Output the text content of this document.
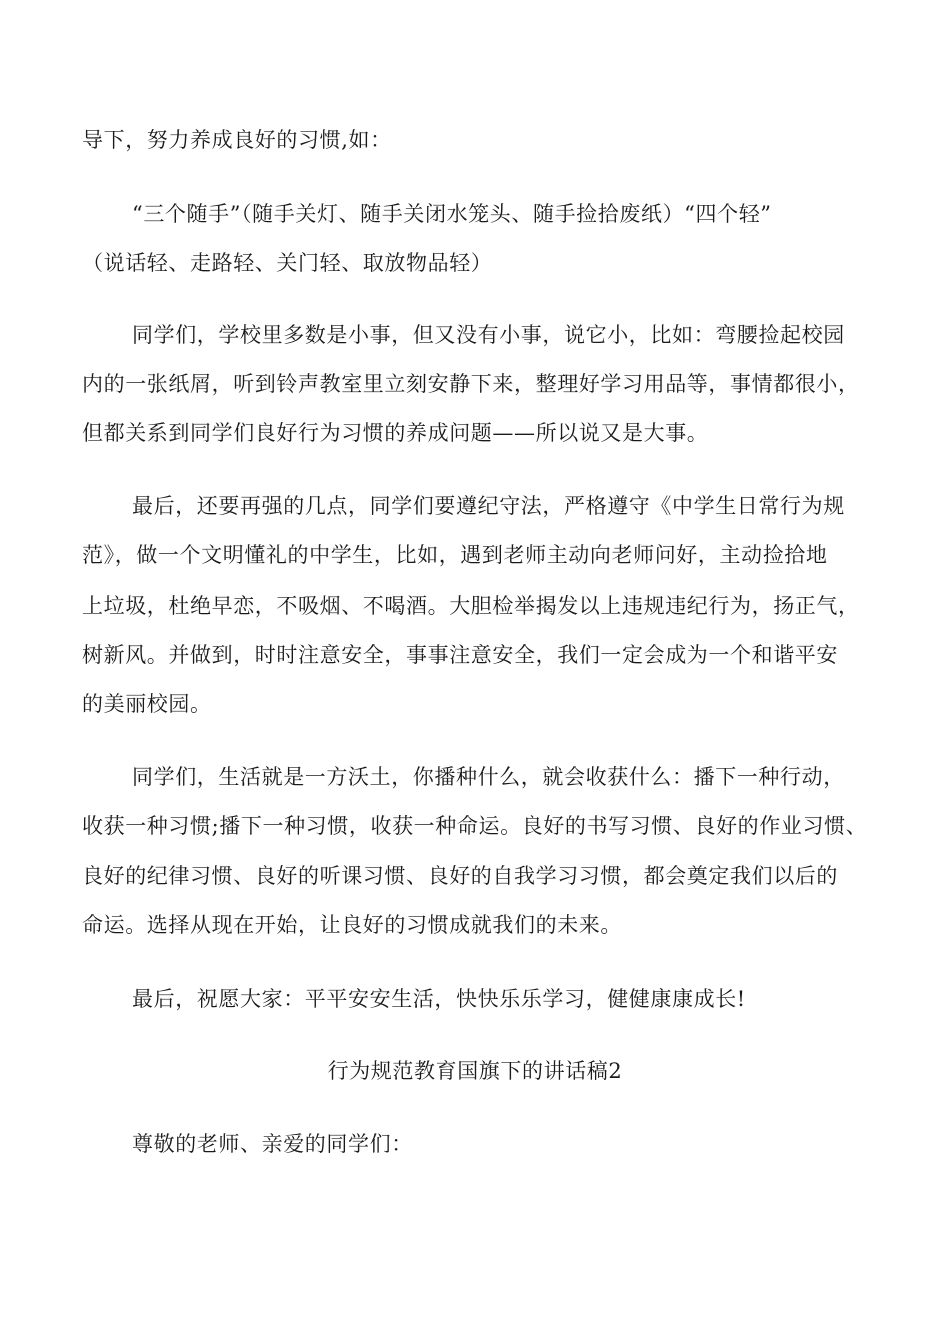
导下，努力养成良好的习惯,如：
“三个随手”（随手关灯、随手关闭水笼头、随手捡拾废纸）“四个轻”
（说话轻、走路轻、关门轻、取放物品轻）
同学们，学校里多数是小事，但又没有小事，说它小，比如：弯腰捡起校园
内的一张纸屑，听到铃声教室里立刻安静下来，整理好学习用品等，事情都很小，
但都关系到同学们良好行为习惯的养成问题——所以说又是大事。
最后，还要再强的几点，同学们要遵纪守法，严格遵守《中学生日常行为规
范》，做一个文明懂礼的中学生，比如，遇到老师主动向老师问好，主动捡拾地
上垃圾，杜绝早恋，不吸烟、不喝酒。大胆检举揭发以上违规违纪行为，扬正气，
树新风。并做到，时时注意安全，事事注意安全，我们一定会成为一个和谐平安
的美丽校园。
同学们，生活就是一方沃土，你播种什么，就会收获什么：播下一种行动，
收获一种习惯;播下一种习惯，收获一种命运。良好的书写习惯、良好的作业习惯、
良好的纪律习惯、良好的听课习惯、良好的自我学习习惯，都会奠定我们以后的
命运。选择从现在开始，让良好的习惯成就我们的未来。
最后，祝愿大家：平平安安生活，快快乐乐学习，健健康康成长!
行为规范教育国旗下的讲话稿2
尊敬的老师、亲爱的同学们：
